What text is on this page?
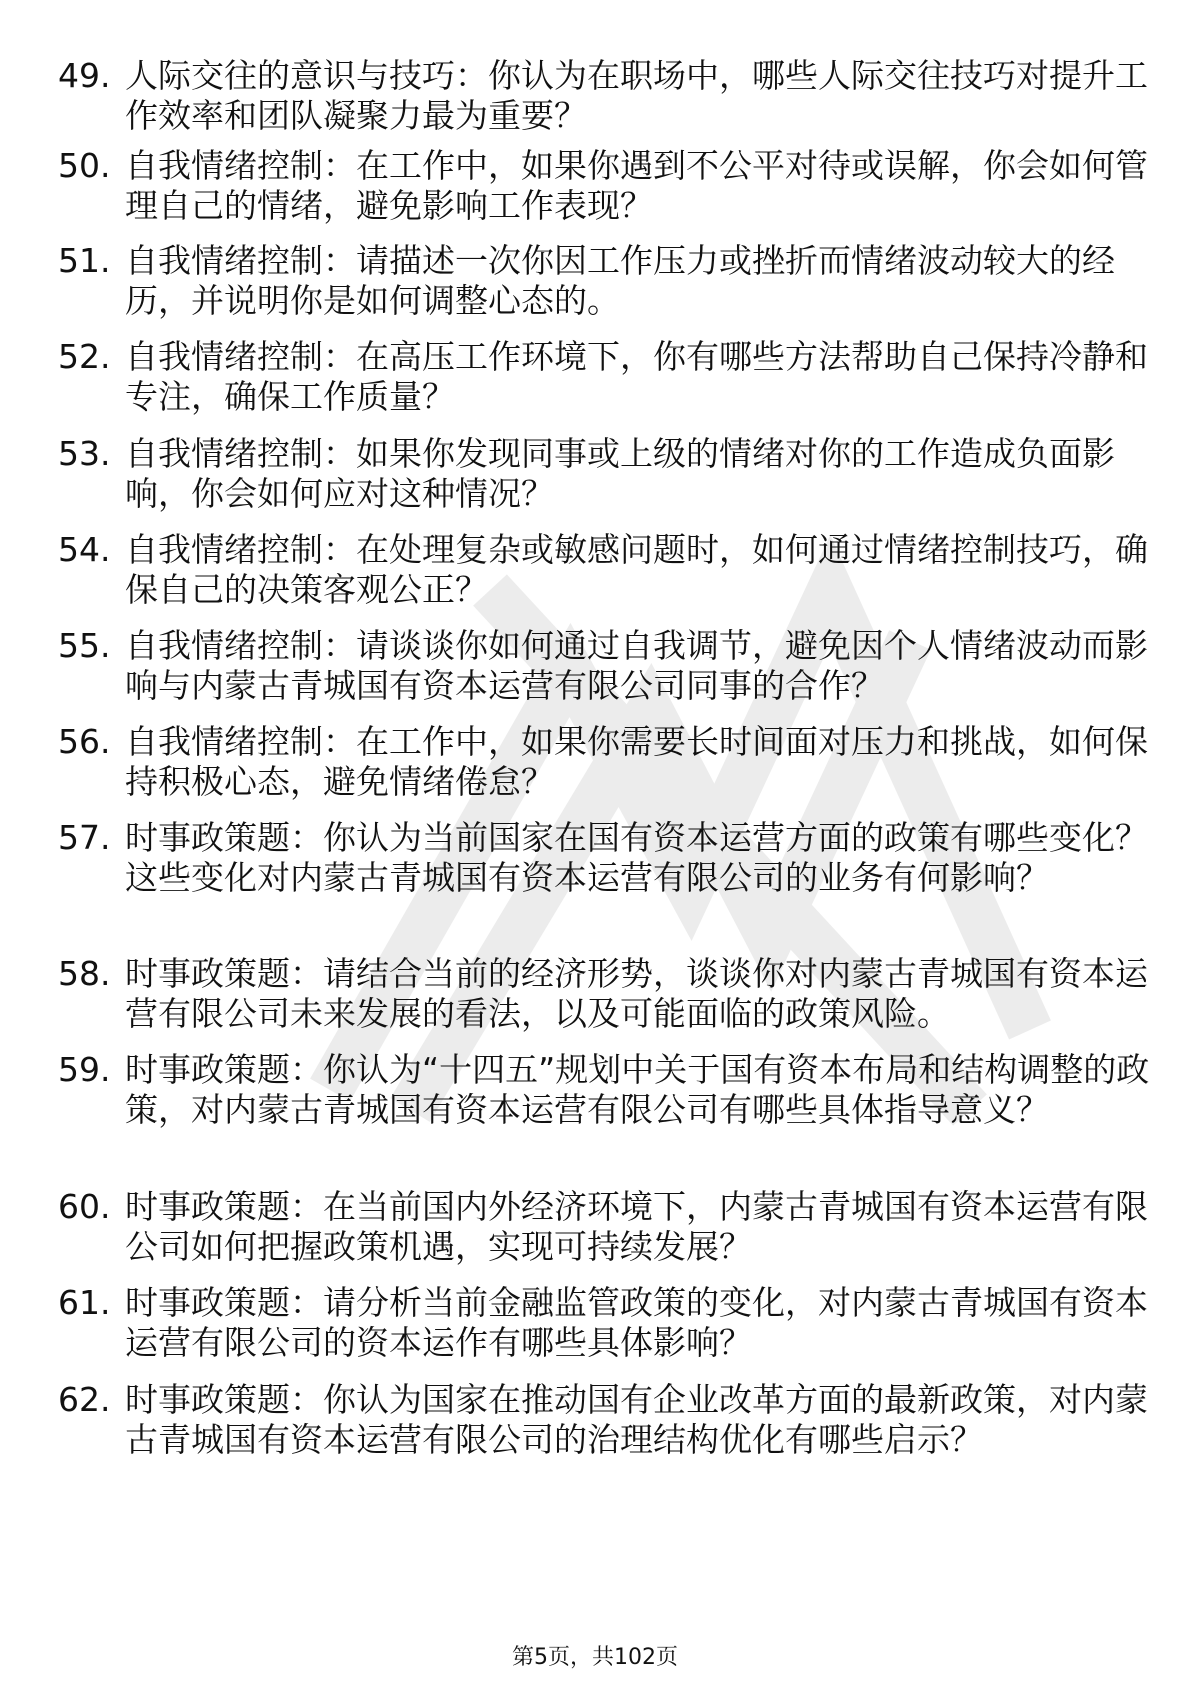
49. 人际交往的意识与技巧：你认为在职场中，哪些人际交往技巧对提升工作效率和团队凝聚力最为重要？
50. 自我情绪控制：在工作中，如果你遇到不公平对待或误解，你会如何管理自己的情绪，避免影响工作表现？
51. 自我情绪控制：请描述一次你因工作压力或挫折而情绪波动较大的经历，并说明你是如何调整心态的。
52. 自我情绪控制：在高压工作环境下，你有哪些方法帮助自己保持冷静和专注，确保工作质量？
53. 自我情绪控制：如果你发现同事或上级的情绪对你的工作造成负面影响，你会如何应对这种情况？
54. 自我情绪控制：在处理复杂或敏感问题时，如何通过情绪控制技巧，确保自己的决策客观公正？
55. 自我情绪控制：请谈谈你如何通过自我调节，避免因个人情绪波动而影响与内蒙古青城国有资本运营有限公司同事的合作？
56. 自我情绪控制：在工作中，如果你需要长时间面对压力和挑战，如何保持积极心态，避免情绪倦怠？
57. 时事政策题：你认为当前国家在国有资本运营方面的政策有哪些变化？这些变化对内蒙古青城国有资本运营有限公司的业务有何影响？
58. 时事政策题：请结合当前的经济形势，谈谈你对内蒙古青城国有资本运营有限公司未来发展的看法，以及可能面临的政策风险。
59. 时事政策题：你认为“十四五”规划中关于国有资本布局和结构调整的政策，对内蒙古青城国有资本运营有限公司有哪些具体指导意义？
60. 时事政策题：在当前国内外经济环境下，内蒙古青城国有资本运营有限公司如何把握政策机遇，实现可持续发展？
61. 时事政策题：请分析当前金融监管政策的变化，对内蒙古青城国有资本运营有限公司的资本运作有哪些具体影响？
62. 时事政策题：你认为国家在推动国有企业改革方面的最新政策，对内蒙古青城国有资本运营有限公司的治理结构优化有哪些启示？
第5页，共102页
